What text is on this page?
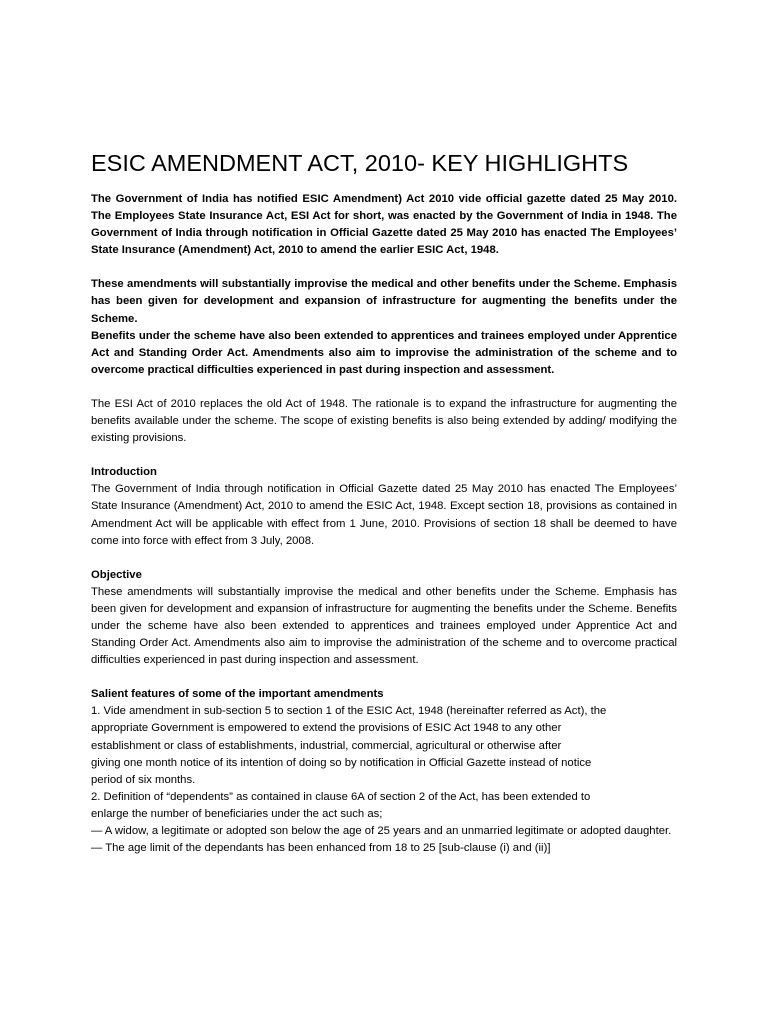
ESIC AMENDMENT ACT, 2010- KEY HIGHLIGHTS

The Government of India has notified ESIC Amendment) Act 2010 vide official gazette dated 25 May 2010. The Employees State Insurance Act, ESI Act for short, was enacted by the Government of India in 1948. The Government of India through notification in Official Gazette dated 25 May 2010 has enacted The Employees’ State Insurance (Amendment) Act, 2010 to amend the earlier ESIC Act, 1948.

These amendments will substantially improvise the medical and other benefits under the Scheme. Emphasis has been given for development and expansion of infrastructure for augmenting the benefits under the Scheme.

Benefits under the scheme have also been extended to apprentices and trainees employed under Apprentice Act and Standing Order Act. Amendments also aim to improvise the administration of the scheme and to overcome practical difficulties experienced in past during inspection and assessment.

The ESI Act of 2010 replaces the old Act of 1948. The rationale is to expand the infrastructure for augmenting the benefits available under the scheme. The scope of existing benefits is also being extended by adding/ modifying the existing provisions.

Introduction

The Government of India through notification in Official Gazette dated 25 May 2010 has enacted The Employees’ State Insurance (Amendment) Act, 2010 to amend the ESIC Act, 1948. Except section 18, provisions as contained in Amendment Act will be applicable with effect from 1 June, 2010. Provisions of section 18 shall be deemed to have come into force with effect from 3 July, 2008.

Objective

These amendments will substantially improvise the medical and other benefits under the Scheme. Emphasis has been given for development and expansion of infrastructure for augmenting the benefits under the Scheme. Benefits under the scheme have also been extended to apprentices and trainees employed under Apprentice Act and Standing Order Act. Amendments also aim to improvise the administration of the scheme and to overcome practical difficulties experienced in past during inspection and assessment.

Salient features of some of the important amendments

1. Vide amendment in sub-section 5 to section 1 of the ESIC Act, 1948 (hereinafter referred as Act), the

appropriate Government is empowered to extend the provisions of ESIC Act 1948 to any other

establishment or class of establishments, industrial, commercial, agricultural or otherwise after

giving one month notice of its intention of doing so by notification in Official Gazette instead of notice

period of six months.

2. Definition of “dependents” as contained in clause 6A of section 2 of the Act, has been extended to

enlarge the number of beneficiaries under the act such as;

— A widow, a legitimate or adopted son below the age of 25 years and an unmarried legitimate or adopted daughter.

— The age limit of the dependants has been enhanced from 18 to 25 [sub-clause (i) and (ii)]
